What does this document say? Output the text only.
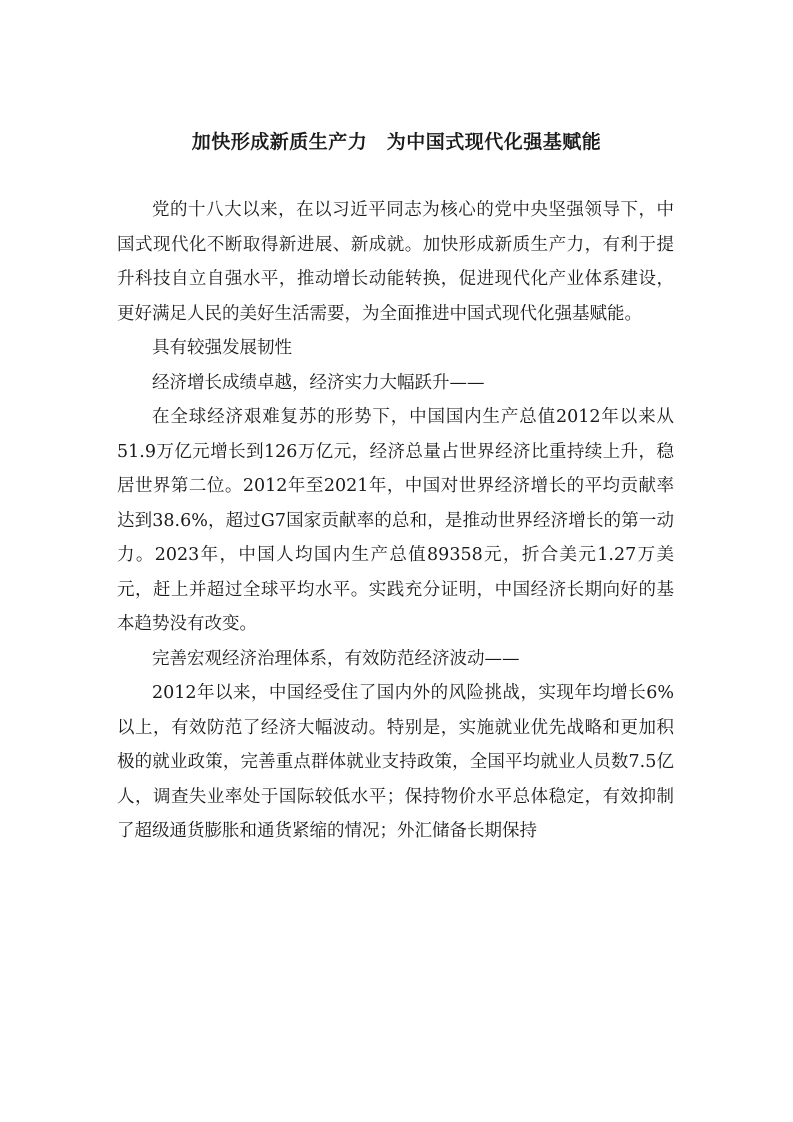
加快形成新质生产力　为中国式现代化强基赋能

党的十八大以来，在以习近平同志为核心的党中央坚强领导下，中国式现代化不断取得新进展、新成就。加快形成新质生产力，有利于提升科技自立自强水平，推动增长动能转换，促进现代化产业体系建设，更好满足人民的美好生活需要，为全面推进中国式现代化强基赋能。

具有较强发展韧性

经济增长成绩卓越，经济实力大幅跃升——

在全球经济艰难复苏的形势下，中国国内生产总值2012年以来从51.9万亿元增长到126万亿元，经济总量占世界经济比重持续上升，稳居世界第二位。2012年至2021年，中国对世界经济增长的平均贡献率达到38.6%，超过G7国家贡献率的总和，是推动世界经济增长的第一动力。2023年，中国人均国内生产总值89358元，折合美元1.27万美元，赶上并超过全球平均水平。实践充分证明，中国经济长期向好的基本趋势没有改变。

完善宏观经济治理体系，有效防范经济波动——

2012年以来，中国经受住了国内外的风险挑战，实现年均增长6%以上，有效防范了经济大幅波动。特别是，实施就业优先战略和更加积极的就业政策，完善重点群体就业支持政策，全国平均就业人员数7.5亿人，调查失业率处于国际较低水平；保持物价水平总体稳定，有效抑制了超级通货膨胀和通货紧缩的情况；外汇储备长期保持
